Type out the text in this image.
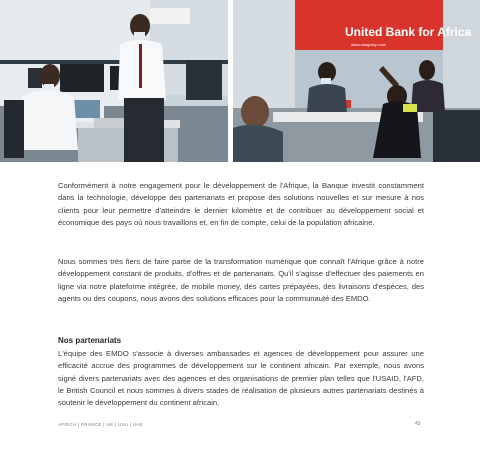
United Bank for Africa
www.ubagroup.com
Conformément à notre engagement pour le développement de l'Afrique, la Banque investit constamment dans la technologie, développe des partenariats et propose des solutions nouvelles et sur mesure à nos clients pour leur permettre d'atteindre le dernier kilomètre et de contribuer au développement social et économique des pays où nous travaillons et, en fin de compte, celui de la population africaine.
Nous sommes très fiers de faire partie de la transformation numérique que connaît l'Afrique grâce à notre développement constant de produits, d'offres et de partenariats. Qu'il s'agisse d'effectuer des paiements en ligne via notre plateforme intégrée, de mobile money, des cartes prépayées, des livraisons d'espèces, des agents ou des coupons, nous avons des solutions efficaces pour la communauté des EMDO.
Nos partenariats
L'équipe des EMDO s'associe à diverses ambassades et agences de développement pour assurer une efficacité accrue des programmes de développement sur le continent africain. Par exemple, nous avons signé divers partenariats avec des agences et des organisations de premier plan telles que l'USAID, l'AFD, le British Council et nous sommes à divers stades de réalisation de plusieurs autres partenariats destinés à soutenir le développement du continent africain.
AFRICA | FRANCE | UK | USA | UAE	43
